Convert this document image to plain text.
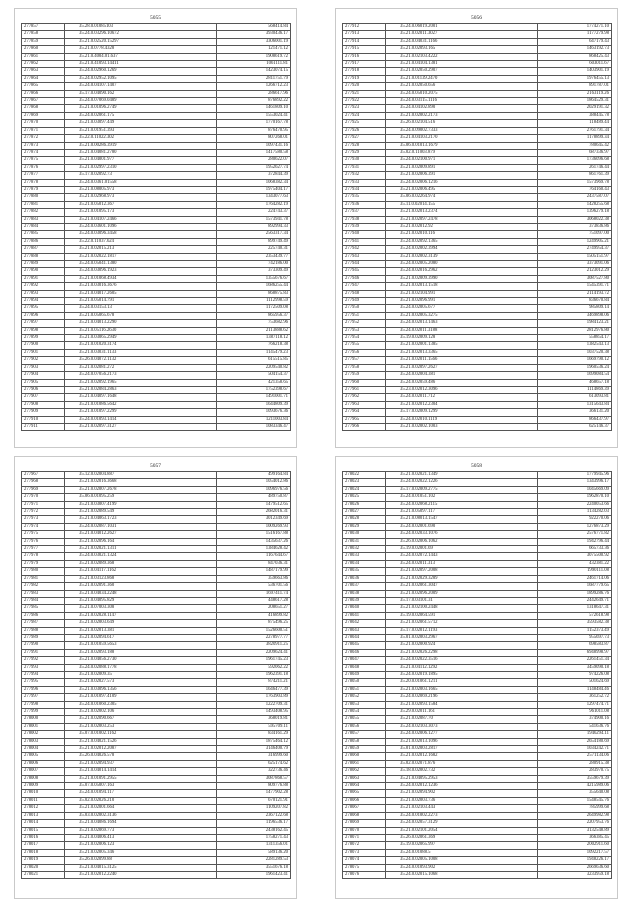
5055
277857	35.28.0.01085103	568414.84
277858	35.24.0.03296.10672	3930436.17
277859	35.21.0.02520.15297	3306001.19
277860	35.21.0.0778.4328	121471.12
277861	35.21.0.4004.01.637	1908619.72
277862	35.21.0.41093.14411	1061111.81
277863	35.24.0.02960.1269	1423074.15
277864	35.24.0.02952.1095	2811751.79
277865	35.24.0.04107.1407	1266712.23
277866	35.17.0.04090.162	286617.96
277867	35.24.0.07069.0489	876892.22
277868	35.21.0.01096.2749	1461809.10
277869	35.24.0.02061.175	1553024.41
277870	35.21.0.03097.449	1770167.78
277871	35.21.0.01951.393	876470.95
277872	35.22.0.11022.302	807268.01
277873	35.21.0.00286.3919	1097431.16
277874	35.21.0.04081.2780	1417580.58
277875	35.21.0.04001.977	280622.07
277876	35.21.0.02997.2310	1952627.74
277877	35.17.0.02092.73	372844.39
277878	35.24.0.0361.01558	1068382.34
277879	35.21.0.08005.973	1975404.17
277880	35.21.0.02968.973	1343077.63
277881	35.21.0.05012.367	1764282.19
277882	35.21.0.01095.173	224743.37
277883	35.21.0.04107.2466	1573941.78
277884	35.24.0.03601.1096	892994.33
277885	35.24.0.03096.3458	2563317.34
277886	35.22.0.11037.624	899749.49
277887	35.21.0.02015.213	225740.31
277888	35.21.0.02022.1817	2353439.77
277889	35.24.0.05041.1380	742186.00
277890	35.24.0.03096.1923	373309.49
277891	35.21.0.01068.4934	1355676.67
277892	35.21.0.03016.3676	1686255.44
277893	35.21.0.04017.2605	868875.83
277894	35.21.0.05014.791	1112998.59
277895	35.24.0.03153.13	1172509.08
277896	35.21.0.05065.678	865956.37
277897	35.21.0.04013.2290	753682.96
277898	35.21.0.05116.2630	2113888.62
277899	35.21.0.03065.2949	1387118.12
277900	35.21.0.01020.3174	766218.38
277901	35.21.0.03031.1133	1145479.23
277902	35.26.0.04072.1132	615515.85
277903	35.21.0.02081.272	2209540.82
277904	35.24.0.07056.2173	504154.37
277905	35.21.0.02092.1965	421358.65
277906	35.21.0.02084.2863	1752398.67
277907	35.21.0.04097.1648	1491001.71
277908	35.21.0.01086.5642	1644809.39
277909	35.21.0.01097.2299	1093676.36
277910	35.24.0.01093.1414	1211003.84
277911	35.21.0.02097.3127	1083346.47
5056
277912	35.24.0.06019.2001	1774271.10
277913	35.21.0.02011.3027	1177279.98
277914	35.24.0.04031.1166	647179.43
277915	35.21.0.02093.165	1463192.73
277916	35.21.0.02103.4222	868425.43
277917	35.21.0.04104.1381	603011.67
277918	35.21.0.02050.2907	1403901.19
277919	35.21.0.01139.2470	1976455.13
277920	35.21.0.02050.656	891787.01
277921	35.24.0.05010.2075	2163119.26
277922	35.24.0.03115.1116	1864529.31
277923	35.24.0.04102.890	2029191.32
277924	35.21.0.02002.2173	388445.78
277925	35.26.0.02104.516	118489.44
277926	35.24.0.09002.7333	2761791.34
277927	35.21.0.04103.2170	1178899.34
277928	35.06.0.01013.1679	780645.42
277929	35.02.0.11003.879	687336.97
277930	35.24.0.02100.971	1736096.68
277931	35.21.0.02009.891	261746.44
277932	35.21.0.02006.391	861761.39
277933	35.24.0.02006.1216	1573969.78
277934	35.21.0.02006.495	764160.43
277935	35.06.0.02264.974	2437587.07
277936	35.11.0.02014.155	1428255.68
277937	35.21.0.02013.2374	1396279.18
277938	35.21.0.02097.2478	3068022.38
277939	35.21.0.02012.92	373836.86
277940	35.21.0.02010.116	751097.00
277941	35.24.0.02092.1365	1249905.21
277942	35.24.0.02002.3994	2749954.37
277943	35.21.0.02002.3139	1505151.97
277944	35.24.0.02005.2080	3373091.06
277945	35.24.0.02016.2962	2123012.29
277946	35.21.0.02009.3990	3087527.80
277947	35.21.0.02013.1518	1545391.71
277948	35.21.0.02104.991	2114193.72
277949	35.21.0.02096.991	836670.84
277950	35.24.0.02005.677	985809.14
277951	35.21.0.02005.3275	3469898.06
277952	35.24.0.02013.1463	1984123.21
277953	35.24.0.02011.3188	2812976.80
277954	35.19.0.02009.128	558854.17
277955	35.21.0.02001.1385	1382543.13
277956	35.21.0.02013.3365	1037520.38
277957	35.21.0.02011.1566	1669790.12
277958	35.21.0.02097.2627	1960536.24
277959	35.24.0.02004.381	1699084.54
277960	35.24.0.02059.486	468657.18
277961	35.23.0.02012.3096	1114869.39
277962	35.24.0.02011.712	613093.81
277963	35.21.0.02012.2304	1315643.84
277964	35.17.0.02009.1299	366131.20
277965	35.24.0.02010.1119	866437.97
277966	35.21.0.02002.1003	625146.37
5057
277967	35.12.0.02004.887	499164.84
277968	35.21.0.02016.3668	1054012.86
277969	35.21.0.02007.2678	1096976.56
277970	35.06.0.01095.259	489750.87
277971	35.21.0.03007.4199	1479512.65
277972	35.21.0.02089.549	2682016.31
277973	35.21.0.04063.1723	3012349.69
277974	35.24.0.02087.1031	1009269.93
277975	35.21.0.04012.2627	1516167.88
277976	35.21.0.02096.164	1435637.26
277977	35.21.0.02021.1311	1384628.42
277978	35.24.0.03021.1324	1167644.67
277979	35.21.0.02089.368	847036.31
277980	35.21.0.04117.1162	1487179.99
277981	35.21.0.03123.868	359663.86
277982	35.21.0.02091.360	536701.56
277983	35.21.0.04034.2248	1697411.74
277984	35.21.0.04095.829	448617.28
277985	35.21.0.07003.308	208651.27
277986	35.21.0.02028.1147	416899.82
277987	35.21.0.02003.649	875496.25
277988	35.21.0.02013.381	1526600.51
277989	35.21.0.02094.617	2278977.77
277990	35.21.0.01059.5653	3820911.25
277991	35.21.0.02093.188	2209624.41
277992	35.21.0.04056.2730	1961745.23
277993	35.24.0.02088.1778	592062.22
277994	35.21.0.02009.35	1962391.18
277995	35.21.0.02027.573	874211.21
277996	35.21.0.03096.1356	1646477.39
277997	35.21.0.01097.4109	1763903.89
277998	35.24.0.01060.2305	1222709.31
277999	35.21.0.02002.106	1493408.95
278000	35.21.0.02090.667	368019.81
278001	35.21.0.02003.253	595709.11
278002	35.07.0.01002.1162	834161.29
278003	35.21.0.04021.1526	1875464.12
278004	35.21.0.02012.2087	3146400.79
278005	35.26.0.04026.578	316999.60
278006	35.21.0.02094.937	625174.62
278007	35.21.0.04014.1414	322736.46
278008	35.21.0.01091.2955	3087868.57
278009	35.07.0.05007.163	809776.88
278010	35.24.0.01094.117	1477902.28
278011	35.02.0.02026.210	670121.91
278012	35.21.0.02001.664	1109207.82
278013	35.03.0.02002.3136	2367122.68
278014	35.21.0.04086.1694	1196536.17
278015	35.21.0.02069.773	2438162.45
278016	35.21.0.04006.413	1758271.43
278017	35.21.0.02006.123	1311356.01
278018	35.21.0.02005.346	589136.20
278019	35.26.0.02099.88	2281289.53
278020	35.21.0.04015.3125	3551676.18
278021	35.21.0.02012.2240	1961423.41
5058
278022	35.21.0.02021.1349	1779945.96
278023	35.24.0.02022.1226	1343996.17
278024	35.17.0.02009.2775	1045669.09
278025	35.24.0.01051.102	1962870.10
278026	35.24.0.02068.2115	2240053.66
278027	35.21.0.05097.117	1134282.03
278028	35.21.0.08013.1547	922270.06
278029	35.24.0.02001.690	1276873.29
278030	35.24.0.02033.1076	2576771.82
278031	35.26.0.02006.1062	1942796.44
278032	35.19.0.02001.69	665733.36
278033	35.24.0.02072.1443	3075500.92
278034	35.24.0.02011.313	432381.22
278035	35.21.0.02097.2008	1990111.08
278036	35.21.0.02029.3289	2461714.06
278037	35.21.0.02061.3047	1687779.65
278038	35.21.0.02096.2009	1899286.76
278039	35.17.0.03101.31	2442649.71
278040	35.21.0.02100.2448	1318647.31
278041	35.19.0.02064.591	572618.98
278042	35.21.0.02061.5712	3593582.38
278043	35.17.0.02012.1193	1152373.49
278044	35.01.0.02003.2967	955697.73
278045	35.21.0.02000.924	698583.87
278046	35.21.0.02026.2298	6948998.97
278047	35.24.0.02022.3516	2261451.34
278048	35.21.0.04112.1292	3459090.18
278049	35.24.0.02019.1895	974226.08
278050	35.20.0.01061.1211	501624.69
278051	35.21.0.02003.1665	1148484.46
278052	35.24.0.02069.2196	361252.72
278053	35.21.0.02093.1584	1297474.71
278054	35.29.0.02011.161	961011.08
278055	35.21.0.02087.70	374900.16
278056	35.24.0.02103.3073	541636.76
278057	35.24.0.02006.1277	1946294.11
278058	35.21.0.02013.1096	2654180.69
278059	35.01.0.02003.2817	1034242.71
278060	35.21.0.02012.1682	2571134.06
278061	35.02.0.02071.876	280915.38
278062	35.18.0.02002.732	283970.75
278063	35.21.0.04095.2953	3559679.39
278064	35.24.0.02012.1236	4215989.06
278065	35.21.0.02094.902	355640.08
278066	35.21.0.02003.736	1548545.76
278067	35.21.0.02103.443	785999.68
278068	35.24.0.01002.2273	2649982.98
278069	35.24.0.02057.3129	2207953.76
278070	35.21.0.02101.2054	3132548.89
278071	35.26.0.02061.369	366385.45
278072	35.19.0.02065.997	2002911.60
278073	35.24.0.01088.5	1092217.57
278074	35.24.0.02005.1008	1948226.17
278075	35.24.0.01093.902	2669636.60
278076	35.24.0.02015.1068	3233959.18
